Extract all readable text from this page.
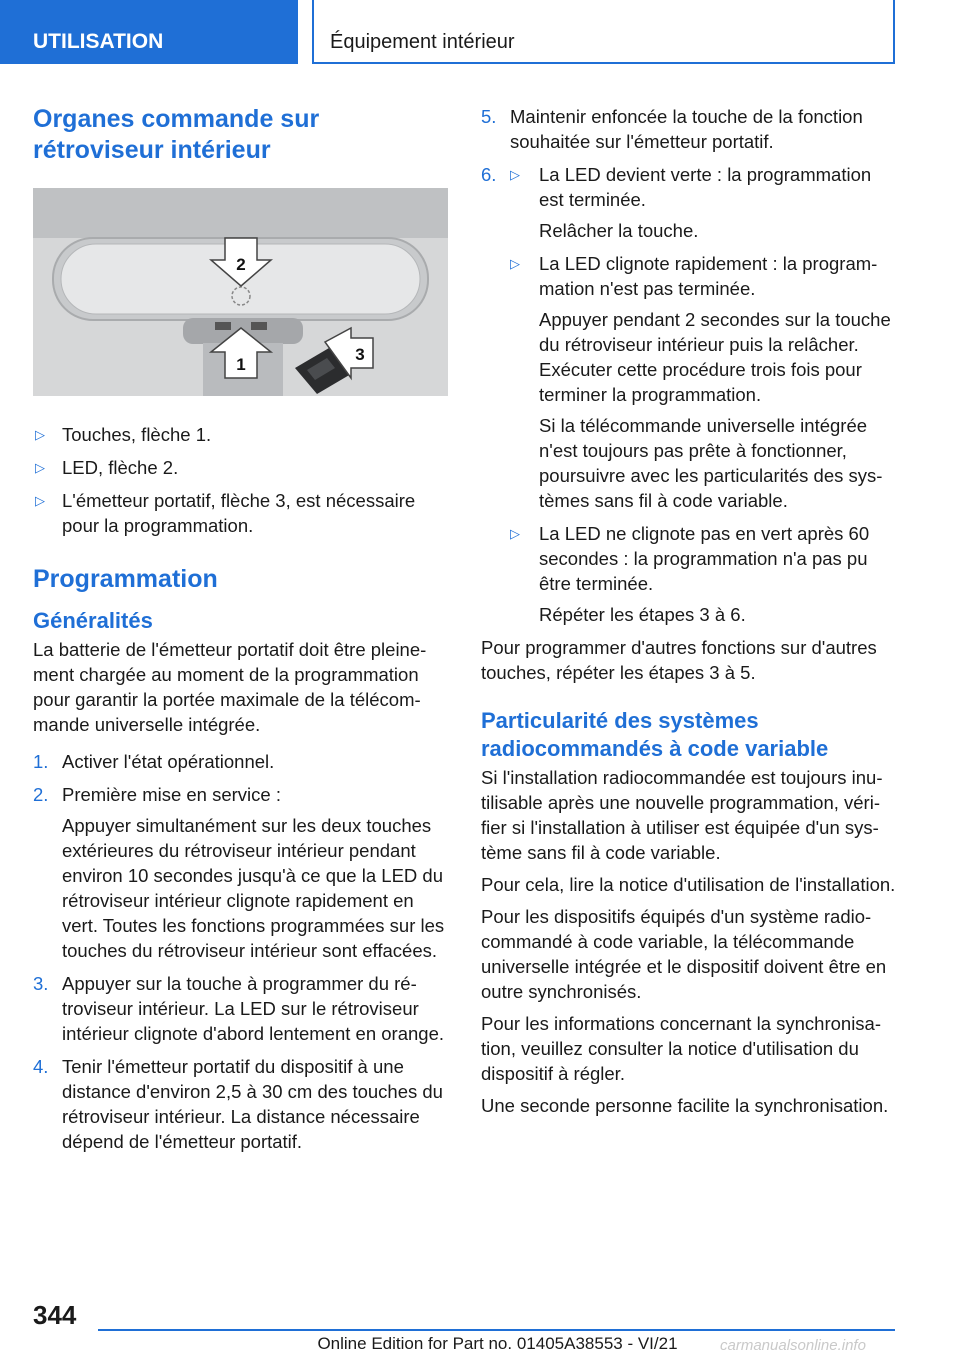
UTILISATION	Équipement intérieur
Organes commande sur rétroviseur intérieur
2
1
3
▷ Touches, flèche 1.
▷ LED, flèche 2.
▷ L'émetteur portatif, flèche 3, est nécessaire pour la programmation.
Programmation
Généralités

La batterie de l'émetteur portatif doit être pleinement chargée au moment de la programmation pour garantir la portée maximale de la télécommande universelle intégrée.

1. Activer l'état opérationnel.
2. Première mise en service :

Appuyer simultanément sur les deux touches extérieures du rétroviseur intérieur pendant environ 10 secondes jusqu'à ce que la LED du rétroviseur intérieur clignote rapidement en vert. Toutes les fonctions programmées sur les touches du rétroviseur intérieur sont effacées.

3. Appuyer sur la touche à programmer du rétroviseur intérieur. La LED sur le rétroviseur intérieur clignote d'abord lentement en orange.
4. Tenir l'émetteur portatif du dispositif à une distance d'environ 2,5 à 30 cm des touches du rétroviseur intérieur. La distance nécessaire dépend de l'émetteur portatif.
5. Maintenir enfoncée la touche de la fonction souhaitée sur l'émetteur portatif.
6. ▷ La LED devient verte : la programmation est terminée.

Relâcher la touche.

▷ La LED clignote rapidement : la programmation n'est pas terminée.

Appuyer pendant 2 secondes sur la touche du rétroviseur intérieur puis la relâcher. Exécuter cette procédure trois fois pour terminer la programmation.

Si la télécommande universelle intégrée n'est toujours pas prête à fonctionner, poursuivre avec les particularités des systèmes sans fil à code variable.

▷ La LED ne clignote pas en vert après 60 secondes : la programmation n'a pas pu être terminée.

Répéter les étapes 3 à 6.

Pour programmer d'autres fonctions sur d'autres touches, répéter les étapes 3 à 5.

Particularité des systèmes radiocommandés à code variable

Si l'installation radiocommandée est toujours inutilisable après une nouvelle programmation, vérifier si l'installation à utiliser est équipée d'un système sans fil à code variable.

Pour cela, lire la notice d'utilisation de l'installation.

Pour les dispositifs équipés d'un système radiocommandé à code variable, la télécommande universelle intégrée et le dispositif doivent être en outre synchronisés.

Pour les informations concernant la synchronisation, veuillez consulter la notice d'utilisation du dispositif à régler.

Une seconde personne facilite la synchronisation.

344
Online Edition for Part no. 01405A38553 - VI/21	carmanualsonline.info
